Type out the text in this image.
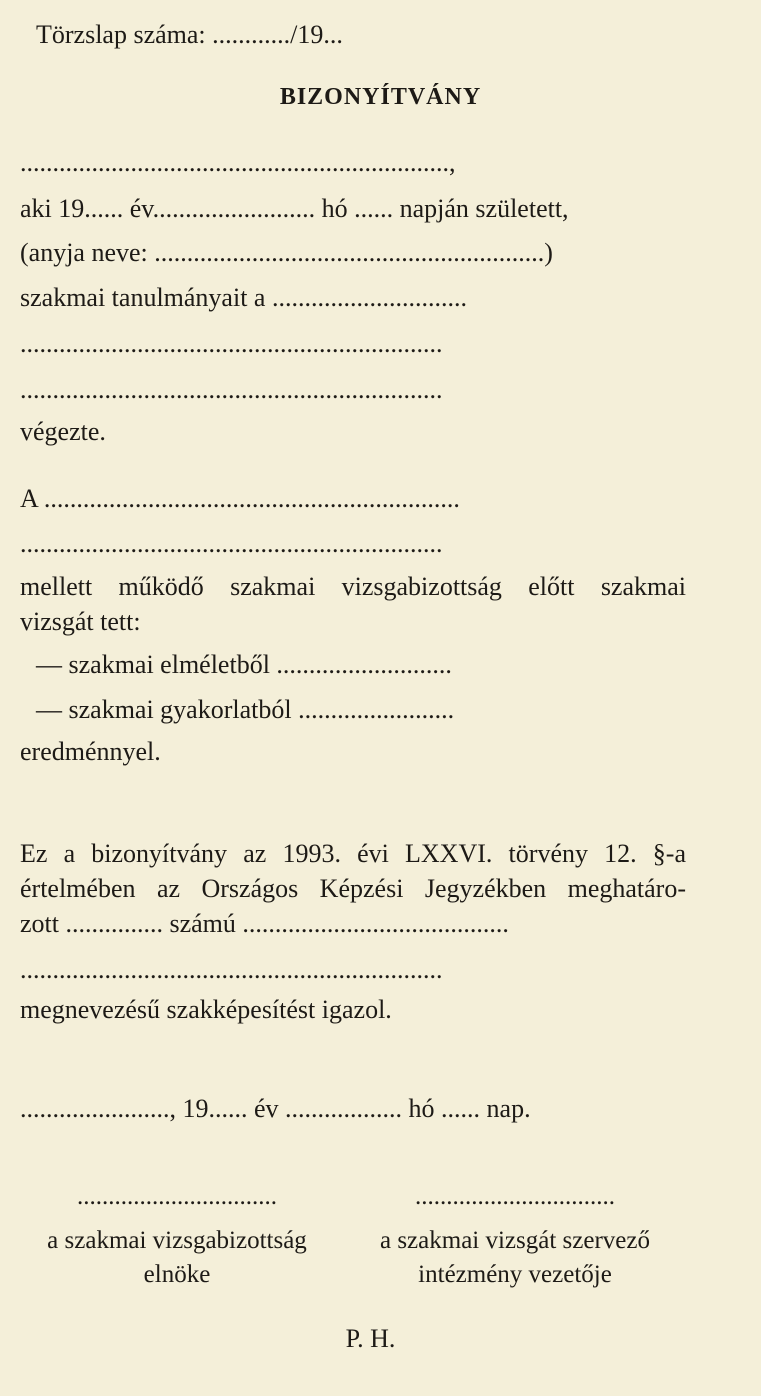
Törzslap száma: ............/19...
BIZONYÍTVÁNY
..................................................................,
aki 19...... év......................... hó ...... napján született,
(anyja neve: ............................................................)
szakmai tanulmányait a ..............................
.................................................................
.................................................................
végezte.
A ................................................................
.................................................................
mellett működő szakmai vizsgabizottság előtt szakmai
vizsgát tett:
— szakmai elméletből ...........................
— szakmai gyakorlatból ........................
eredménnyel.
Ez a bizonyítvány az 1993. évi LXXVI. törvény 12. §-a
értelmében az Országos Képzési Jegyzékben meghatáro-
zott ............... számú .........................................
.................................................................
megnevezésű szakképesítést igazol.
......................., 19...... év .................. hó ...... nap.
................................
a szakmai vizsgabizottság
elnöke
................................
a szakmai vizsgát szervező
intézmény vezetője
P. H.
